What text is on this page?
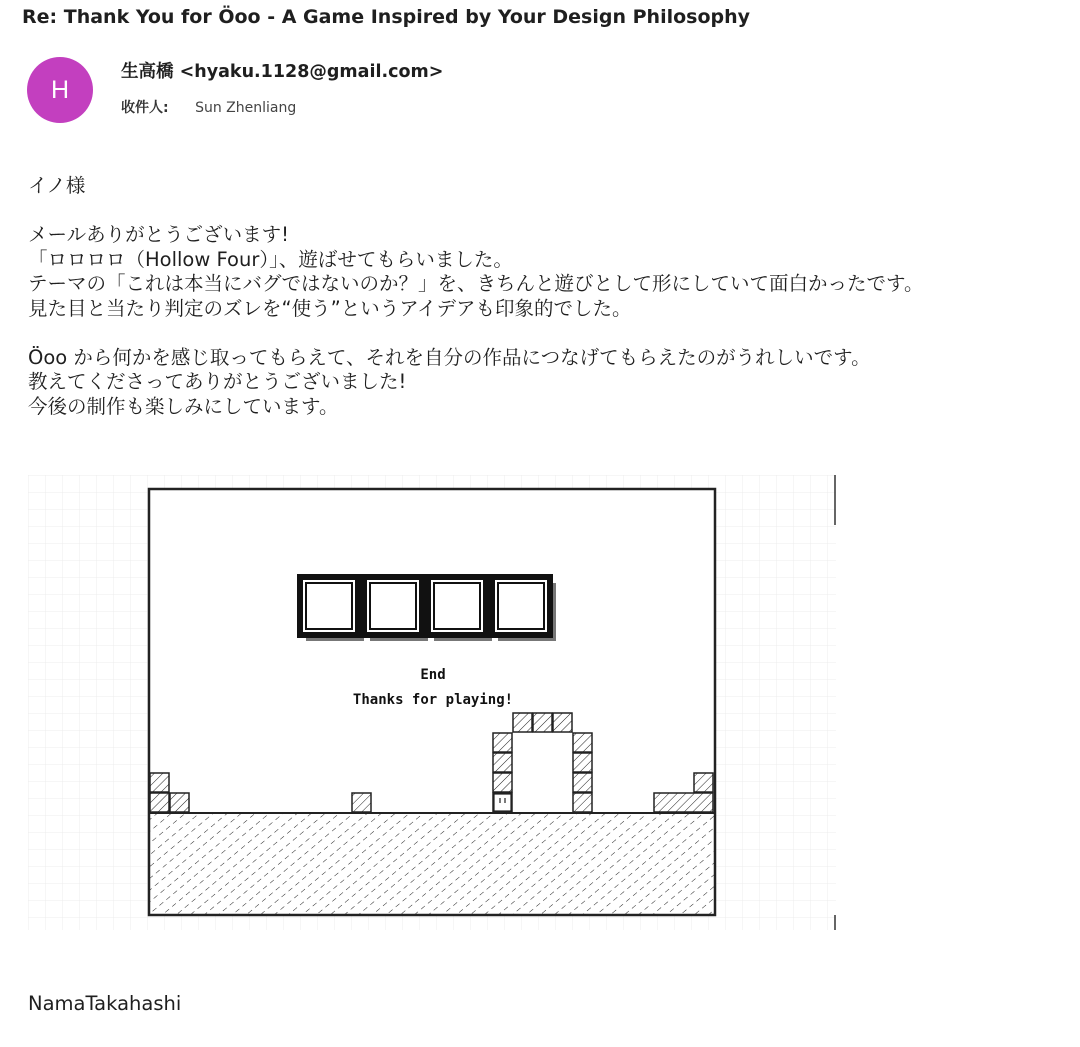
Re: Thank You for Öoo - A Game Inspired by Your Design Philosophy
H
生高橋 <hyaku.1128@gmail.com>
收件人: Sun Zhenliang

イノ様

メールありがとうございます!

「ロロロロ（Hollow Four）」、遊ばせてもらいました。

テーマの「これは本当にバグではないのか？」を、きちんと遊びとして形にしていて面白かったです。

見た目と当たり判定のズレを“使う”というアイデアも印象的でした。

Öoo から何かを感じ取ってもらえて、それを自分の作品につなげてもらえたのがうれしいです。

教えてくださってありがとうございました!

今後の制作も楽しみにしています。

End
Thanks for playing!
NamaTakahashi
